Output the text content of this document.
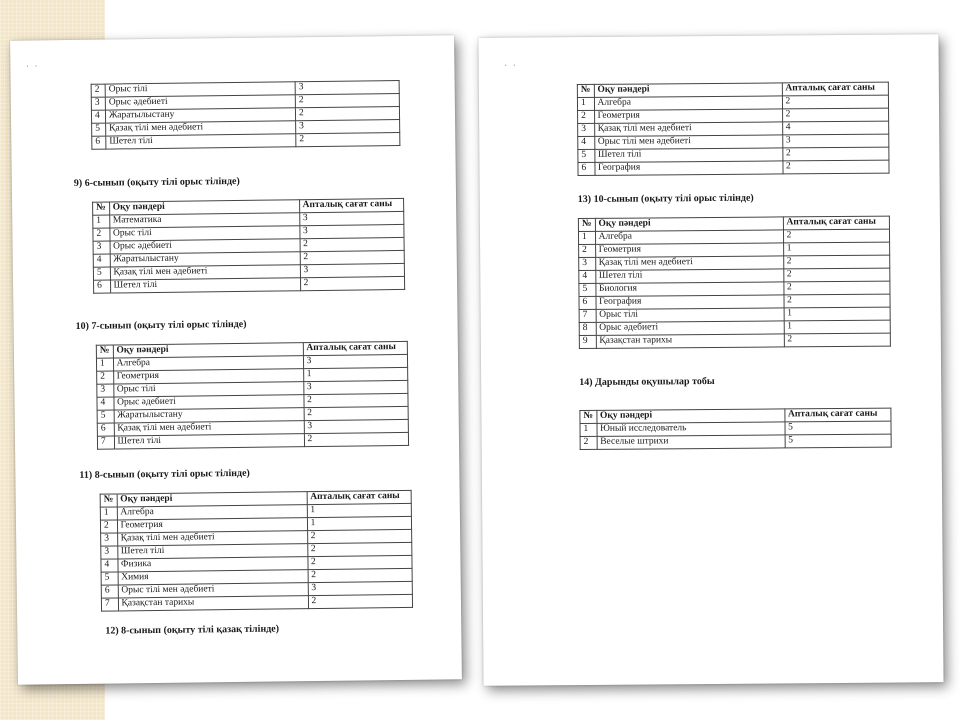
. .
2	Орыс тілі	3
3	Орыс әдебиеті	2
4	Жаратылыстану	2
5	Қазақ тілі мен әдебиеті	3
6	Шетел тілі	2
9) 6-сынып (оқыту тілі орыс тілінде)
№	Оқу пәндері	Апталық сағат саны
1	Математика	3
2	Орыс тілі	3
3	Орыс әдебиеті	2
4	Жаратылыстану	2
5	Қазақ тілі мен әдебиеті	3
6	Шетел тілі	2
10) 7-сынып (оқыту тілі орыс тілінде)
№	Оқу пәндері	Апталық сағат саны
1	Алгебра	3
2	Геометрия	1
3	Орыс тілі	3
4	Орыс әдебиеті	2
5	Жаратылыстану	2
6	Қазақ тілі мен әдебиеті	3
7	Шетел тілі	2
11) 8-сынып (оқыту тілі орыс тілінде)
№	Оқу пәндері	Апталық сағат саны
1	Алгебра	1
2	Геометрия	1
3	Қазақ тілі мен әдебиеті	2
3	Шетел тілі	2
4	Физика	2
5	Химия	2
6	Орыс тілі мен әдебиеті	3
7	Қазақстан тарихы	2
12) 8-сынып (оқыту тілі қазақ тілінде)
. .
№	Оқу пәндері	Апталық сағат саны
1	Алгебра	2
2	Геометрия	2
3	Қазақ тілі мен әдебиеті	4
4	Орыс тілі мен әдебиеті	3
5	Шетел тілі	2
6	География	2
13) 10-сынып (оқыту тілі орыс тілінде)
№	Оқу пәндері	Апталық сағат саны
1	Алгебра	2
2	Геометрия	1
3	Қазақ тілі мен әдебиеті	2
4	Шетел тілі	2
5	Биология	2
6	География	2
7	Орыс тілі	1
8	Орыс әдебиеті	1
9	Қазақстан тарихы	2
14) Дарынды оқушылар тобы
№	Оқу пәндері	Апталық сағат саны
1	Юный исследователь	5
2	Веселые штрихи	5
